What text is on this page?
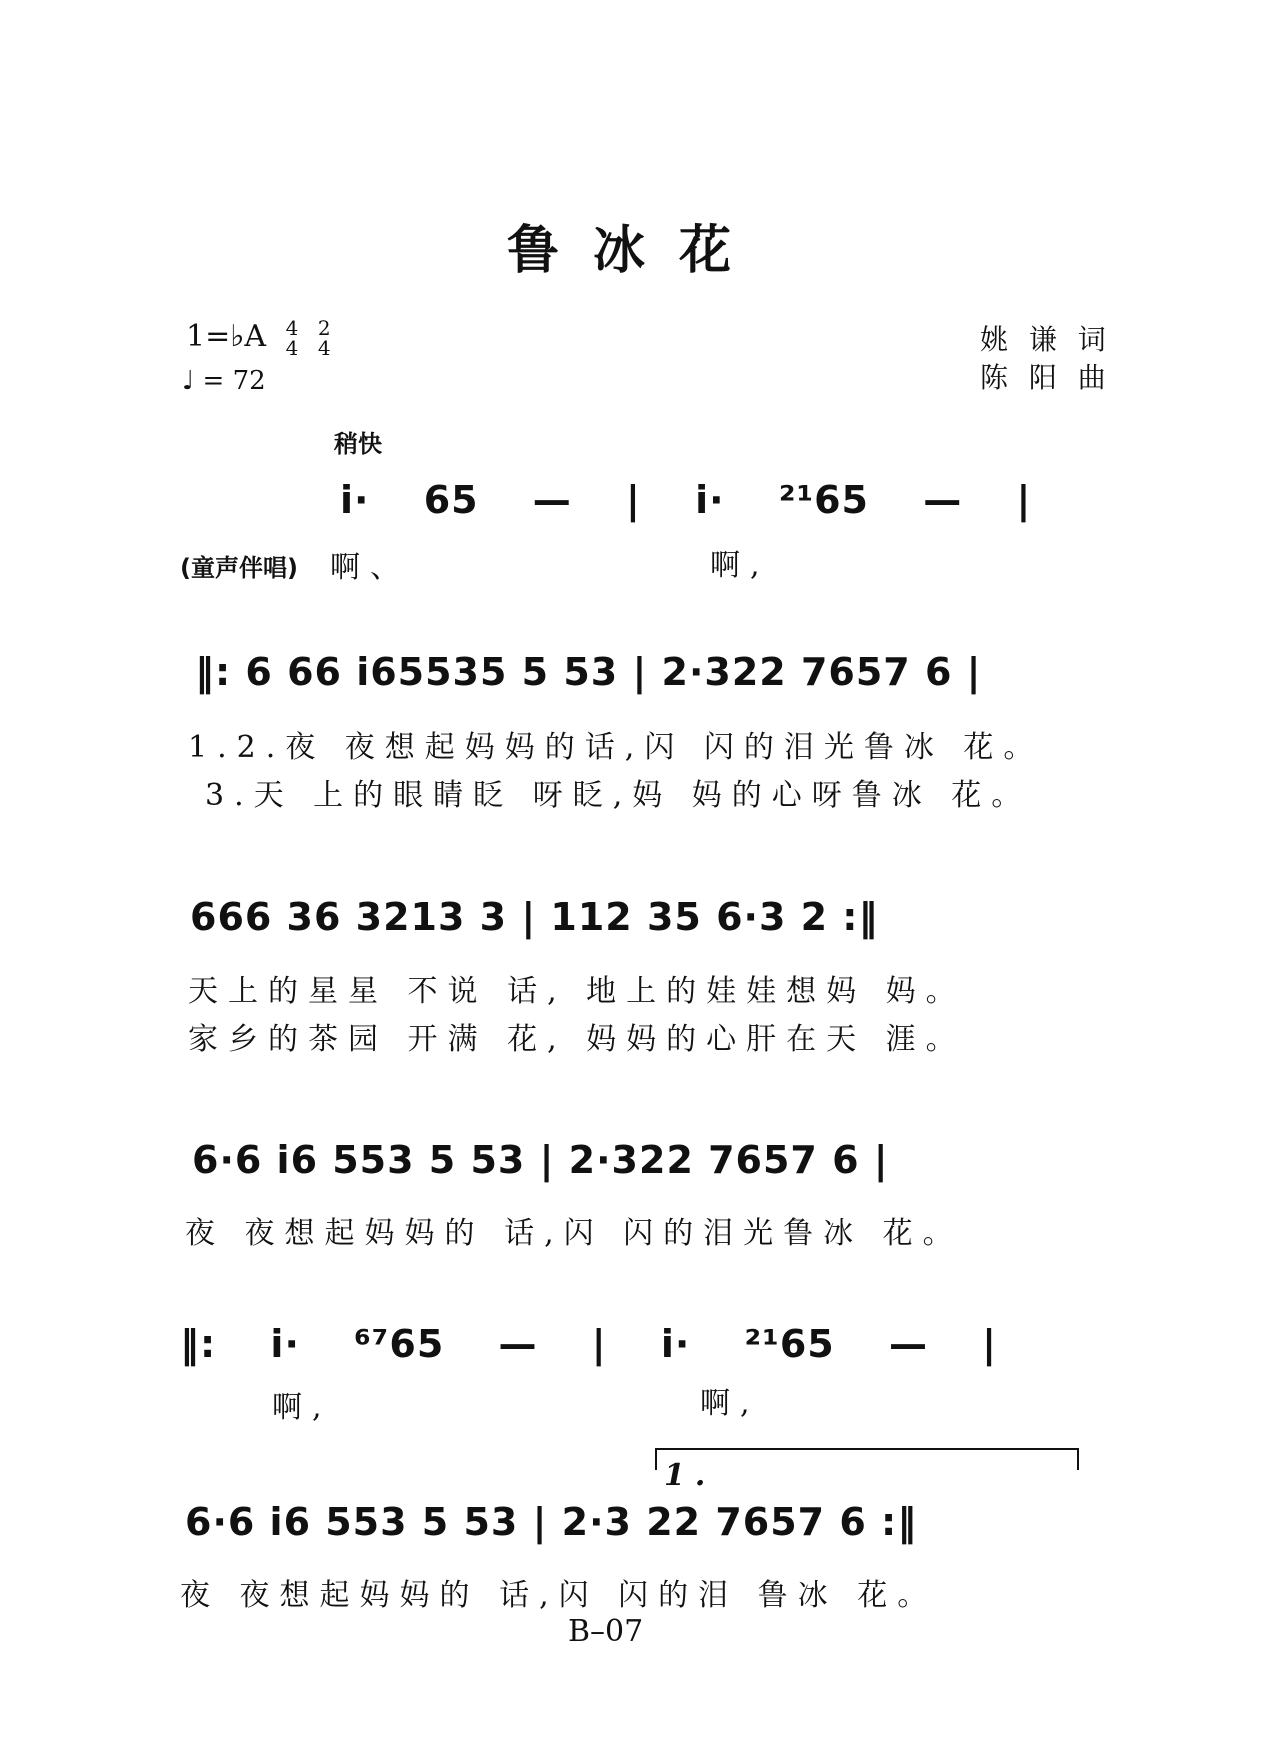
鲁冰花
1=♭A 4
4

2
4
♩ = 72
姚 谦 词
陈 阳 曲
稍快
i· 65 — | i· ²¹65 — |
(童声伴唱) 啊、	啊,
‖: 6 66 i65535 5 53 | 2·322 7657 6 |
1.2.夜 夜想起妈妈的话,闪 闪的泪光鲁冰 花。
3.天 上的眼睛眨 呀眨,妈 妈的心呀鲁冰 花。
666 36 3213 3 | 112 35 6·3 2 :‖
天上的星星 不说 话, 地上的娃娃想妈 妈。
家乡的茶园 开满 花, 妈妈的心肝在天 涯。
6·6 i6 553 5 53 | 2·322 7657 6 |
夜 夜想起妈妈的 话,闪 闪的泪光鲁冰 花。
‖: i· ⁶⁷65 — | i· ²¹65 — |
啊,	啊,
1.
6·6 i6 553 5 53 | 2·3 22 7657 6 :‖
夜 夜想起妈妈的 话,闪 闪的泪 鲁冰 花。
B–07
